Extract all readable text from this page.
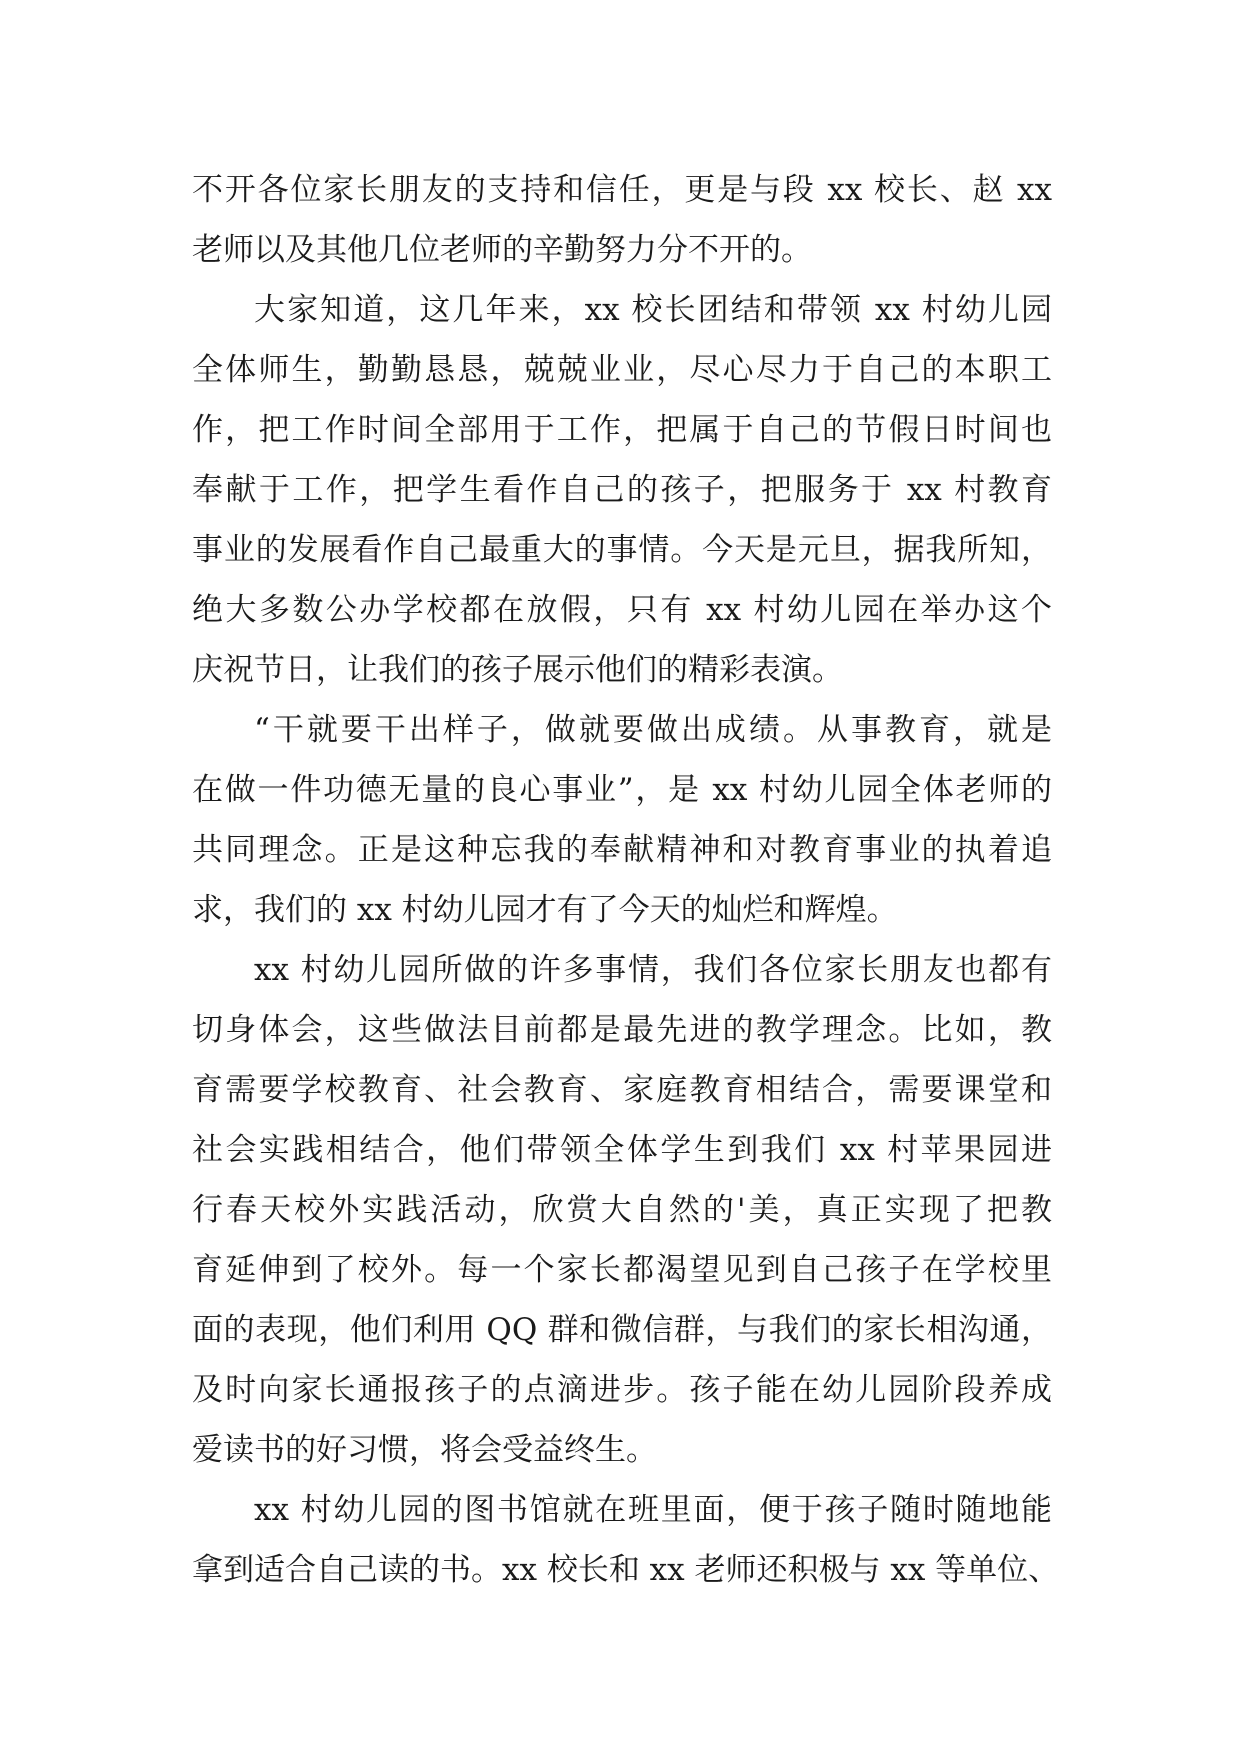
不开各位家长朋友的支持和信任，更是与段 xx 校长、赵 xx
老师以及其他几位老师的辛勤努力分不开的。
大家知道，这几年来，xx 校长团结和带领 xx 村幼儿园
全体师生，勤勤恳恳，兢兢业业，尽心尽力于自己的本职工
作，把工作时间全部用于工作，把属于自己的节假日时间也
奉献于工作，把学生看作自己的孩子，把服务于 xx 村教育
事业的发展看作自己最重大的事情。今天是元旦，据我所知，
绝大多数公办学校都在放假，只有 xx 村幼儿园在举办这个
庆祝节日，让我们的孩子展示他们的精彩表演。
“干就要干出样子，做就要做出成绩。从事教育，就是
在做一件功德无量的良心事业”，是 xx 村幼儿园全体老师的
共同理念。正是这种忘我的奉献精神和对教育事业的执着追
求，我们的 xx 村幼儿园才有了今天的灿烂和辉煌。
xx 村幼儿园所做的许多事情，我们各位家长朋友也都有
切身体会，这些做法目前都是最先进的教学理念。比如，教
育需要学校教育、社会教育、家庭教育相结合，需要课堂和
社会实践相结合，他们带领全体学生到我们 xx 村苹果园进
行春天校外实践活动，欣赏大自然的'美，真正实现了把教
育延伸到了校外。每一个家长都渴望见到自己孩子在学校里
面的表现，他们利用 QQ 群和微信群，与我们的家长相沟通，
及时向家长通报孩子的点滴进步。孩子能在幼儿园阶段养成
爱读书的好习惯，将会受益终生。
xx 村幼儿园的图书馆就在班里面，便于孩子随时随地能
拿到适合自己读的书。xx 校长和 xx 老师还积极与 xx 等单位、
